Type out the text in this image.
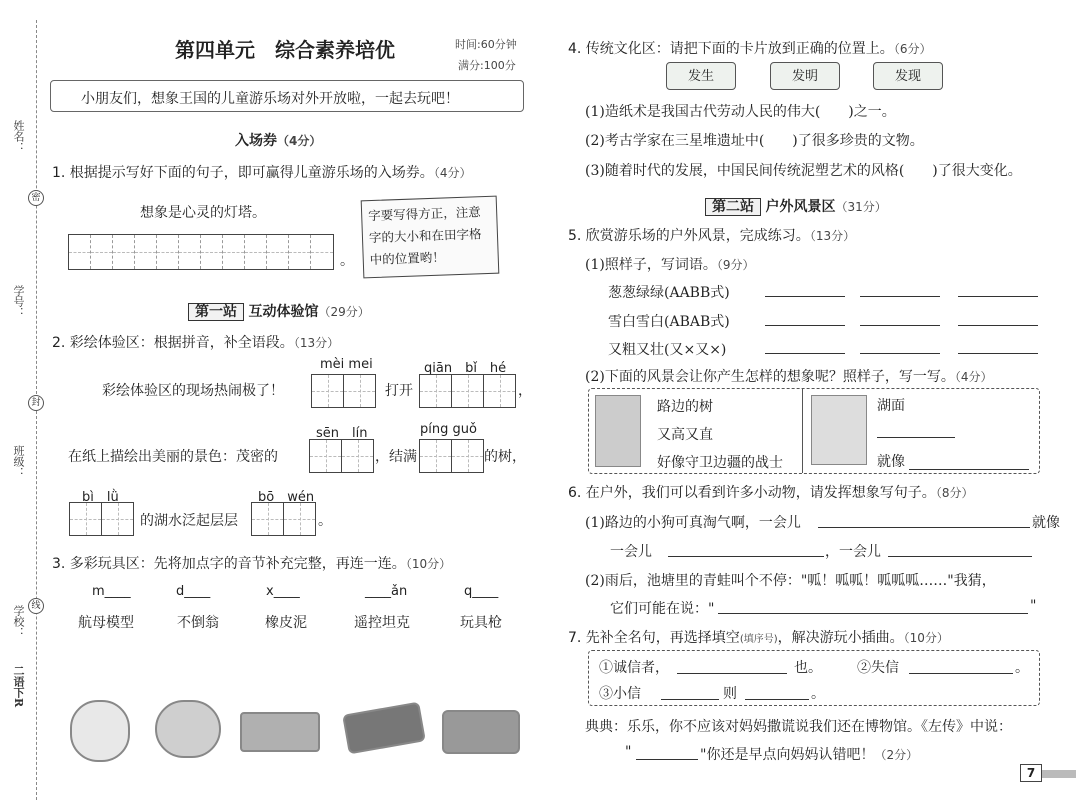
姓名：
学号：
班级：
学校：
密
封
线
二语下R
第四单元　综合素养培优	时间:60分钟
满分:100分
小朋友们，想象王国的儿童游乐场对外开放啦，一起去玩吧！
入场券（4分）
1. 根据提示写好下面的句子，即可赢得儿童游乐场的入场券。（4分）
想象是心灵的灯塔。
。
字要写得方正，注意字的大小和在田字格中的位置哟！
第一站 互动体验馆（29分）
2. 彩绘体验区：根据拼音，补全语段。（13分）
mèi mei	qiān　bǐ　hé
彩绘体验区的现场热闹极了！	打开	，
sēn　lín	píng guǒ
在纸上描绘出美丽的景色：茂密的	，结满	的树，
bì　lǜ	bō　wén
的湖水泛起层层	。
3. 多彩玩具区：先将加点字的音节补充完整，再连一连。（10分）
m____	d____	x____	____ǎn	q____
航母模型	不倒翁	橡皮泥	遥控坦克	玩具枪
4. 传统文化区：请把下面的卡片放到正确的位置上。（6分）
发生	发明	发现
(1)造纸术是我国古代劳动人民的伟大(　　)之一。
(2)考古学家在三星堆遗址中(　　)了很多珍贵的文物。
(3)随着时代的发展，中国民间传统泥塑艺术的风格(　　)了很大变化。
第二站 户外风景区（31分）
5. 欣赏游乐场的户外风景，完成练习。（13分）
(1)照样子，写词语。（9分）
葱葱绿绿(AABB式)
雪白雪白(ABAB式)
又粗又壮(又×又×)
(2)下面的风景会让你产生怎样的想象呢？照样子，写一写。（4分）
路边的树
又高又直
好像守卫边疆的战士
湖面
就像
6. 在户外，我们可以看到许多小动物，请发挥想象写句子。（8分）
(1)路边的小狗可真淘气啊，一会儿	就像
一会儿	，一会儿
(2)雨后，池塘里的青蛙叫个不停："呱！呱呱！呱呱呱……"我猜，
它们可能在说："	"
7. 先补全名句，再选择填空(填序号)，解决游玩小插曲。（10分）
①诚信者，	也。	②失信	。
③小信	则	。
典典：乐乐，你不应该对妈妈撒谎说我们还在博物馆。《左传》中说：
"	"你还是早点向妈妈认错吧！（2分）
7
